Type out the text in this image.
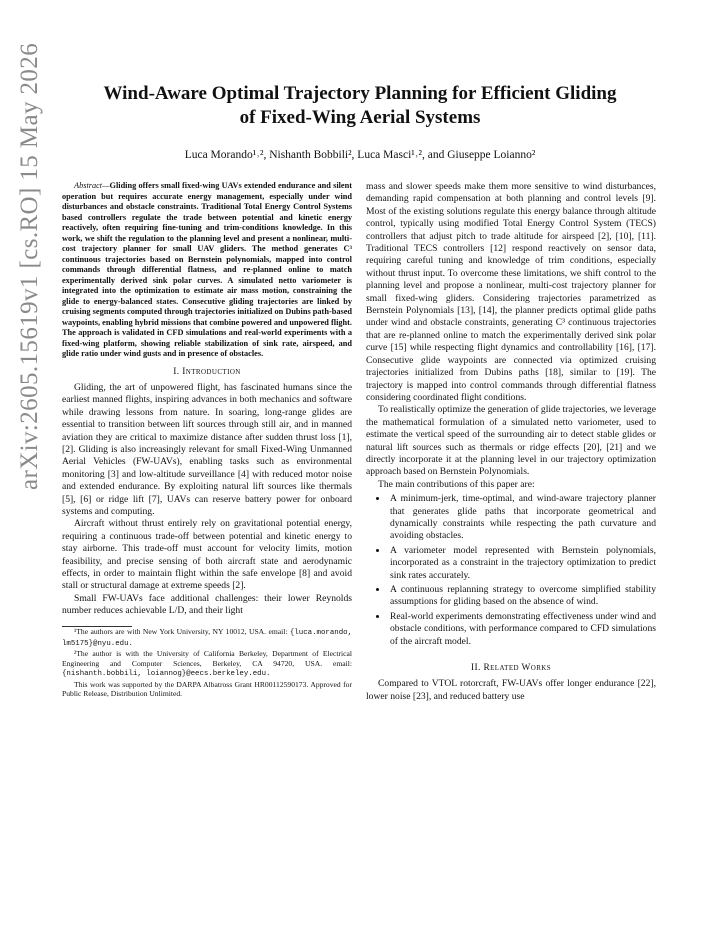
arXiv:2605.15619v1 [cs.RO] 15 May 2026	Wind-Aware Optimal Trajectory Planning for Efficient Gliding
of Fixed-Wing Aerial Systems
Luca Morando¹˒², Nishanth Bobbili², Luca Masci¹˒², and Giuseppe Loianno²

Abstract—Gliding offers small fixed-wing UAVs extended endurance and silent operation but requires accurate energy management, especially under wind disturbances and obstacle constraints. Traditional Total Energy Control Systems based controllers regulate the trade between potential and kinetic energy reactively, often requiring fine-tuning and trim-conditions knowledge. In this work, we shift the regulation to the planning level and present a nonlinear, multi-cost trajectory planner for small UAV gliders. The method generates C³ continuous trajectories based on Bernstein polynomials, mapped into control commands through differential flatness, and re-planned online to match experimentally derived sink polar curves. A simulated netto variometer is integrated into the optimization to estimate air mass motion, constraining the glide to energy-balanced states. Consecutive gliding trajectories are linked by cruising segments computed through trajectories initialized on Dubins path-based waypoints, enabling hybrid missions that combine powered and unpowered flight. The approach is validated in CFD simulations and real-world experiments with a fixed-wing platform, showing reliable stabilization of sink rate, airspeed, and glide ratio under wind gusts and in presence of obstacles.

I. Introduction

Gliding, the art of unpowered flight, has fascinated humans since the earliest manned flights, inspiring advances in both mechanics and software while drawing lessons from nature. In soaring, long-range glides are essential to transition between lift sources through still air, and in manned aviation they are critical to maximize distance after sudden thrust loss [1], [2]. Gliding is also increasingly relevant for small Fixed-Wing Unmanned Aerial Vehicles (FW-UAVs), enabling tasks such as environmental monitoring [3] and low-altitude surveillance [4] with reduced motor noise and extended endurance. By exploiting natural lift sources like thermals [5], [6] or ridge lift [7], UAVs can reserve battery power for onboard systems and computing.

Aircraft without thrust entirely rely on gravitational potential energy, requiring a continuous trade-off between potential and kinetic energy to stay airborne. This trade-off must account for velocity limits, motion feasibility, and precise sensing of both aircraft state and aerodynamic effects, in order to maintain flight within the safe envelope [8] and avoid stall or structural damage at extreme speeds [2].

Small FW-UAVs face additional challenges: their lower Reynolds number reduces achievable L/D, and their light

¹The authors are with New York University, NY 10012, USA. email: {luca.morando, lm5175}@nyu.edu.

²The author is with the University of California Berkeley, Department of Electrical Engineering and Computer Sciences, Berkeley, CA 94720, USA. email: {nishanth.bobbili, loiannog}@eecs.berkeley.edu.

This work was supported by the DARPA Albatross Grant HR00112590173. Approved for Public Release, Distribution Unlimited.

mass and slower speeds make them more sensitive to wind disturbances, demanding rapid compensation at both planning and control levels [9]. Most of the existing solutions regulate this energy balance through altitude control, typically using modified Total Energy Control System (TECS) controllers that adjust pitch to trade altitude for airspeed [2], [10], [11]. Traditional TECS controllers [12] respond reactively on sensor data, requiring careful tuning and knowledge of trim conditions, especially without thrust input. To overcome these limitations, we shift control to the planning level and propose a nonlinear, multi-cost trajectory planner for small fixed-wing gliders. Considering trajectories parametrized as Bernstein Polynomials [13], [14], the planner predicts optimal glide paths under wind and obstacle constraints, generating C³ continuous trajectories that are re-planned online to match the experimentally derived sink polar curve [15] while respecting flight dynamics and controllability [16], [17]. Consecutive glide waypoints are connected via optimized cruising trajectories initialized from Dubins paths [18], similar to [19]. The trajectory is mapped into control commands through differential flatness considering coordinated flight conditions.

To realistically optimize the generation of glide trajectories, we leverage the mathematical formulation of a simulated netto variometer, used to estimate the vertical speed of the surrounding air to detect stable glides or natural lift sources such as thermals or ridge effects [20], [21] and we directly incorporate it at the planning level in our trajectory optimization approach based on Bernstein Polynomials.

The main contributions of this paper are:

• A minimum-jerk, time-optimal, and wind-aware trajectory planner that generates glide paths that incorporate geometrical and dynamically constraints while respecting the path curvature and avoiding obstacles.
• A variometer model represented with Bernstein polynomials, incorporated as a constraint in the trajectory optimization to predict sink rates accurately.
• A continuous replanning strategy to overcome simplified stability assumptions for gliding based on the absence of wind.
• Real-world experiments demonstrating effectiveness under wind and obstacle conditions, with performance compared to CFD simulations of the aircraft model.
II. Related Works

Compared to VTOL rotorcraft, FW-UAVs offer longer endurance [22], lower noise [23], and reduced battery use
